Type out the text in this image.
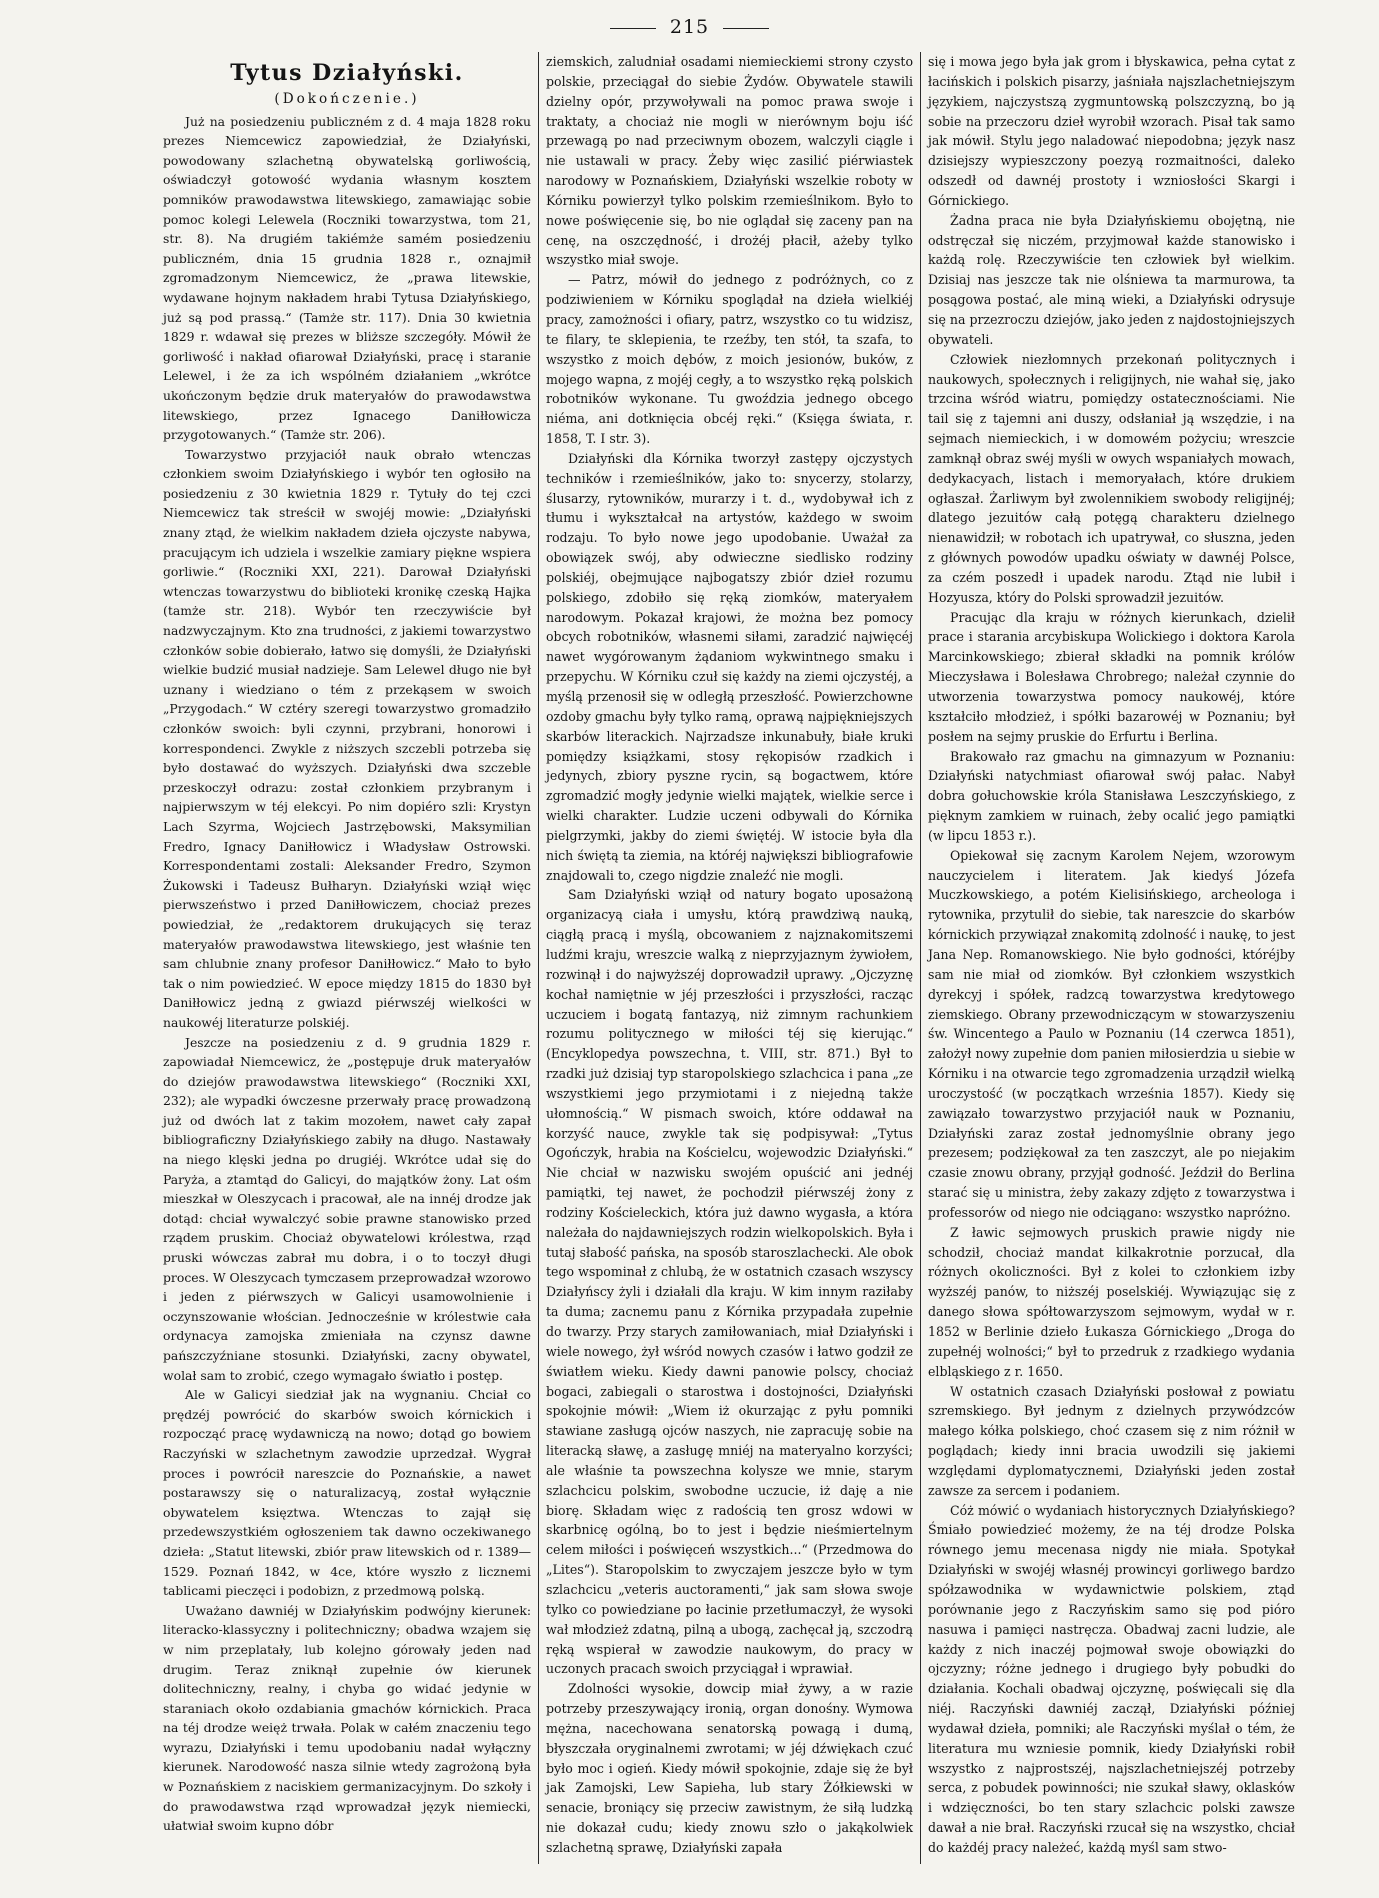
215
Tytus Działyński.
(Dokończenie.)

Już na posiedzeniu publiczném z d. 4 maja 1828 roku prezes Niemcewicz zapowiedział, że Działyński, powodowany szlachetną obywatelską gorliwością, oświadczył gotowość wydania własnym kosztem pomników prawodawstwa litewskiego, zamawiając sobie pomoc kolegi Lelewela (Roczniki towarzystwa, tom 21, str. 8). Na drugiém takiémże samém posiedzeniu publiczném, dnia 15 grudnia 1828 r., oznajmił zgromadzonym Niemcewicz, że „prawa litewskie, wydawane hojnym nakładem hrabi Tytusa Działyńskiego, już są pod prassą.“ (Tamże str. 117). Dnia 30 kwietnia 1829 r. wdawał się prezes w bliższe szczegóły. Mówił że gorliwość i nakład ofiarował Działyński, pracę i staranie Lelewel, i że za ich wspólném działaniem „wkrótce ukończonym będzie druk materyałów do prawodawstwa litewskiego, przez Ignacego Daniłłowicza przygotowanych.“ (Tamże str. 206).

Towarzystwo przyjaciół nauk obrało wtenczas członkiem swoim Działyńskiego i wybór ten ogłosiło na posiedzeniu z 30 kwietnia 1829 r. Tytuły do tej czci Niemcewicz tak streścił w swojéj mowie: „Działyński znany ztąd, że wielkim nakładem dzieła ojczyste nabywa, pracującym ich udziela i wszelkie zamiary piękne wspiera gorliwie.“ (Roczniki XXI, 221). Darował Działyński wtenczas towarzystwu do biblioteki kronikę czeską Hajka (tamże str. 218). Wybór ten rzeczywiście był nadzwyczajnym. Kto zna trudności, z jakiemi towarzystwo członków sobie dobierało, łatwo się domyśli, że Działyński wielkie budzić musiał nadzieje. Sam Lelewel długo nie był uznany i wiedziano o tém z przekąsem w swoich „Przygodach.“ W cztéry szeregi towarzystwo gromadziło członków swoich: byli czynni, przybrani, honorowi i korrespondenci. Zwykle z niższych szczebli potrzeba się było dostawać do wyższych. Działyński dwa szczeble przeskoczył odrazu: został członkiem przybranym i najpierwszym w téj elekcyi. Po nim dopiéro szli: Krystyn Lach Szyrma, Wojciech Jastrzębowski, Maksymilian Fredro, Ignacy Daniłłowicz i Władysław Ostrowski. Korrespondentami zostali: Aleksander Fredro, Szymon Żukowski i Tadeusz Bułharyn. Działyński wziął więc pierwszeństwo i przed Daniłłowiczem, chociaż prezes powiedział, że „redaktorem drukujących się teraz materyałów prawodawstwa litewskiego, jest właśnie ten sam chlubnie znany profesor Daniłłowicz.“ Mało to było tak o nim powiedzieć. W epoce między 1815 do 1830 był Daniłłowicz jedną z gwiazd piérwszéj wielkości w naukowéj literaturze polskiéj.

Jeszcze na posiedzeniu z d. 9 grudnia 1829 r. zapowiadał Niemcewicz, że „postępuje druk materyałów do dziejów prawodawstwa litewskiego“ (Roczniki XXI, 232); ale wypadki ówczesne przerwały pracę prowadzoną już od dwóch lat z takim mozołem, nawet cały zapał bibliograficzny Działyńskiego zabiły na długo. Nastawały na niego klęski jedna po drugiéj. Wkrótce udał się do Paryża, a ztamtąd do Galicyi, do majątków żony. Lat ośm mieszkał w Oleszycach i pracował, ale na innéj drodze jak dotąd: chciał wywalczyć sobie prawne stanowisko przed rządem pruskim. Chociaż obywatelowi królestwa, rząd pruski wówczas zabrał mu dobra, i o to toczył długi proces. W Oleszycach tymczasem przeprowadzał wzorowo i jeden z piérwszych w Galicyi usamowolnienie i oczynszowanie włościan. Jednocześnie w królestwie cała ordynacya zamojska zmieniała na czynsz dawne pańszczyźniane stosunki. Działyński, zacny obywatel, wolał sam to zrobić, czego wymagało światło i postęp.

Ale w Galicyi siedział jak na wygnaniu. Chciał co prędzéj powrócić do skarbów swoich kórnickich i rozpocząć pracę wydawniczą na nowo; dotąd go bowiem Raczyński w szlachetnym zawodzie uprzedzał. Wygrał proces i powrócił nareszcie do Poznańskie, a nawet postarawszy się o naturalizacyą, został wyłącznie obywatelem księztwa. Wtenczas to zajął się przedewszystkiém ogłoszeniem tak dawno oczekiwanego dzieła: „Statut litewski, zbiór praw litewskich od r. 1389—1529. Poznań 1842, w 4ce, które wyszło z licznemi tablicami pieczęci i podobizn, z przedmową polską.

Uważano dawniéj w Działyńskim podwójny kierunek: literacko-klassyczny i politechniczny; obadwa wzajem się w nim przeplatały, lub kolejno górowały jeden nad drugim. Teraz zniknął zupełnie ów kierunek dolitechniczny, realny, i chyba go widać jedynie w staraniach około ozdabiania gmachów kórnickich. Praca na téj drodze weięż trwała. Polak w całém znaczeniu tego wyrazu, Działyński i temu upodobaniu nadał wyłączny kierunek. Narodowość nasza silnie wtedy zagrożoną była w Poznańskiem z naciskiem germanizacyjnym. Do szkoły i do prawodawstwa rząd wprowadzał język niemiecki, ułatwiał swoim kupno dóbr

ziemskich, zaludniał osadami niemieckiemi strony czysto polskie, przeciągał do siebie Żydów. Obywatele stawili dzielny opór, przywoływali na pomoc prawa swoje i traktaty, a chociaż nie mogli w nierównym boju iść przewagą po nad przeciwnym obozem, walczyli ciągle i nie ustawali w pracy. Żeby więc zasilić piérwiastek narodowy w Poznańskiem, Działyński wszelkie roboty w Kórniku powierzył tylko polskim rzemieślnikom. Było to nowe poświęcenie się, bo nie oglądał się zaceny pan na cenę, na oszczędność, i drożéj płacił, ażeby tylko wszystko miał swoje.

— Patrz, mówił do jednego z podróżnych, co z podziwieniem w Kórniku spoglądał na dzieła wielkiéj pracy, zamożności i ofiary, patrz, wszystko co tu widzisz, te filary, te sklepienia, te rzeźby, ten stół, ta szafa, to wszystko z moich dębów, z moich jesionów, buków, z mojego wapna, z mojéj cegły, a to wszystko ręką polskich robotników wykonane. Tu gwoździa jednego obcego niéma, ani dotknięcia obcéj ręki.“ (Księga świata, r. 1858, T. I str. 3).

Działyński dla Kórnika tworzył zastępy ojczystych techników i rzemieślników, jako to: snycerzy, stolarzy, ślusarzy, rytowników, murarzy i t. d., wydobywał ich z tłumu i wykształcał na artystów, każdego w swoim rodzaju. To było nowe jego upodobanie. Uważał za obowiązek swój, aby odwieczne siedlisko rodziny polskiéj, obejmujące najbogatszy zbiór dzieł rozumu polskiego, zdobiło się ręką ziomków, materyałem narodowym. Pokazał krajowi, że można bez pomocy obcych robotników, własnemi siłami, zaradzić najwięcéj nawet wygórowanym żądaniom wykwintnego smaku i przepychu. W Kórniku czuł się każdy na ziemi ojczystéj, a myślą przenosił się w odległą przeszłość. Powierzchowne ozdoby gmachu były tylko ramą, oprawą najpiękniejszych skarbów literackich. Najrzadsze inkunabuły, białe kruki pomiędzy książkami, stosy rękopisów rzadkich i jedynych, zbiory pyszne rycin, są bogactwem, które zgromadzić mogły jedynie wielki majątek, wielkie serce i wielki charakter. Ludzie uczeni odbywali do Kórnika pielgrzymki, jakby do ziemi świętéj. W istocie była dla nich świętą ta ziemia, na któréj największi bibliografowie znajdowali to, czego nigdzie znaleźć nie mogli.

Sam Działyński wziął od natury bogato uposażoną organizacyą ciała i umysłu, którą prawdziwą nauką, ciągłą pracą i myślą, obcowaniem z najznakomitszemi ludźmi kraju, wreszcie walką z nieprzyjaznym żywiołem, rozwinął i do najwyższéj doprowadził uprawy. „Ojczyznę kochał namiętnie w jéj przeszłości i przyszłości, racząc uczuciem i bogatą fantazyą, niż zimnym rachunkiem rozumu politycznego w miłości téj się kierując.“ (Encyklopedya powszechna, t. VIII, str. 871.) Był to rzadki już dzisiaj typ staropolskiego szlachcica i pana „ze wszystkiemi jego przymiotami i z niejedną także ułomnością.“ W pismach swoich, które oddawał na korzyść nauce, zwykle tak się podpisywał: „Tytus Ogończyk, hrabia na Kościelcu, wojewodzic Działyński.“ Nie chciał w nazwisku swojém opuścić ani jednéj pamiątki, tej nawet, że pochodził piérwszéj żony z rodziny Kościeleckich, która już dawno wygasła, a która należała do najdawniejszych rodzin wielkopolskich. Była i tutaj słabość pańska, na sposób staroszlachecki. Ale obok tego wspominał z chlubą, że w ostatnich czasach wszyscy Działyńscy żyli i działali dla kraju. W kim innym raziłaby ta duma; zacnemu panu z Kórnika przypadała zupełnie do twarzy. Przy starych zamiłowaniach, miał Działyński i wiele nowego, żył wśród nowych czasów i łatwo godził ze światłem wieku. Kiedy dawni panowie polscy, chociaż bogaci, zabiegali o starostwa i dostojności, Działyński spokojnie mówił: „Wiem iż okurzając z pyłu pomniki stawiane zasługą ojców naszych, nie zapracuję sobie na literacką sławę, a zasługę mniéj na materyalno korzyści; ale właśnie ta powszechna kolysze we mnie, starym szlachcicu polskim, swobodne uczucie, iż daję a nie biorę. Składam więc z radością ten grosz wdowi w skarbnicę ogólną, bo to jest i będzie nieśmiertelnym celem miłości i poświęceń wszystkich...“ (Przedmowa do „Lites“). Staropolskim to zwyczajem jeszcze było w tym szlachcicu „veteris auctoramenti,“ jak sam słowa swoje tylko co powiedziane po łacinie przetłumaczył, że wysoki wał młodzież zdatną, pilną a ubogą, zachęcał ją, szczodrą ręką wspierał w zawodzie naukowym, do pracy w uczonych pracach swoich przyciągał i wprawiał.

Zdolności wysokie, dowcip miał żywy, a w razie potrzeby przeszywający ironią, organ donośny. Wymowa mężna, nacechowana senatorską powagą i dumą, błyszczała oryginalnemi zwrotami; w jéj dźwiękach czuć było moc i ogień. Kiedy mówił spokojnie, zdaje się że był jak Zamojski, Lew Sapieha, lub stary Żółkiewski w senacie, broniący się przeciw zawistnym, że siłą ludzką nie dokazał cudu; kiedy znowu szło o jakąkolwiek szlachetną sprawę, Działyński zapała

się i mowa jego była jak grom i błyskawica, pełna cytat z łacińskich i polskich pisarzy, jaśniała najszlachetniejszym językiem, najczystszą zygmuntowską polszczyzną, bo ją sobie na przeczoru dzieł wyrobił wzorach. Pisał tak samo jak mówił. Stylu jego naladować niepodobna; język nasz dzisiejszy wypieszczony poezyą rozmaitności, daleko odszedł od dawnéj prostoty i wzniosłości Skargi i Górnickiego.

Żadna praca nie była Działyńskiemu obojętną, nie odstręczał się niczém, przyjmował każde stanowisko i każdą rolę. Rzeczywiście ten człowiek był wielkim. Dzisiaj nas jeszcze tak nie olśniewa ta marmurowa, ta posągowa postać, ale miną wieki, a Działyński odrysuje się na przezroczu dziejów, jako jeden z najdostojniejszych obywateli.

Człowiek niezłomnych przekonań politycznych i naukowych, społecznych i religijnych, nie wahał się, jako trzcina wśród wiatru, pomiędzy ostatecznościami. Nie tail się z tajemni ani duszy, odsłaniał ją wszędzie, i na sejmach niemieckich, i w domowém pożyciu; wreszcie zamknął obraz swéj myśli w owych wspaniałych mowach, dedykacyach, listach i memoryałach, które drukiem ogłaszał. Żarliwym był zwolennikiem swobody religijnéj; dlatego jezuitów całą potęgą charakteru dzielnego nienawidził; w robotach ich upatrywał, co słuszna, jeden z głównych powodów upadku oświaty w dawnéj Polsce, za czém poszedł i upadek narodu. Ztąd nie lubił i Hozyusza, który do Polski sprowadził jezuitów.

Pracując dla kraju w różnych kierunkach, dzielił prace i starania arcybiskupa Wolickiego i doktora Karola Marcinkowskiego; zbierał składki na pomnik królów Mieczysława i Bolesława Chrobrego; należał czynnie do utworzenia towarzystwa pomocy naukowéj, które kształciło młodzież, i spółki bazarowéj w Poznaniu; był posłem na sejmy pruskie do Erfurtu i Berlina.

Brakowało raz gmachu na gimnazyum w Poznaniu: Działyński natychmiast ofiarował swój pałac. Nabył dobra gołuchowskie króla Stanisława Leszczyńskiego, z pięknym zamkiem w ruinach, żeby ocalić jego pamiątki (w lipcu 1853 r.).

Opiekował się zacnym Karolem Nejem, wzorowym nauczycielem i literatem. Jak kiedyś Józefa Muczkowskiego, a potém Kielisińskiego, archeologa i rytownika, przytulił do siebie, tak nareszcie do skarbów kórnickich przywiązał znakomitą zdolność i naukę, to jest Jana Nep. Romanowskiego. Nie było godności, któréjby sam nie miał od ziomków. Był członkiem wszystkich dyrekcyj i spółek, radzcą towarzystwa kredytowego ziemskiego. Obrany przewodniczącym w stowarzyszeniu św. Wincentego a Paulo w Poznaniu (14 czerwca 1851), założył nowy zupełnie dom panien miłosierdzia u siebie w Kórniku i na otwarcie tego zgromadzenia urządził wielką uroczystość (w początkach września 1857). Kiedy się zawiązało towarzystwo przyjaciół nauk w Poznaniu, Działyński zaraz został jednomyślnie obrany jego prezesem; podziękował za ten zaszczyt, ale po niejakim czasie znowu obrany, przyjął godność. Jeździł do Berlina starać się u ministra, żeby zakazy zdjęto z towarzystwa i professorów od niego nie odciągano: wszystko napróżno.

Z ławic sejmowych pruskich prawie nigdy nie schodził, chociaż mandat kilkakrotnie porzucał, dla różnych okoliczności. Był z kolei to członkiem izby wyższéj panów, to niższéj poselskiéj. Wywiązując się z danego słowa spółtowarzyszom sejmowym, wydał w r. 1852 w Berlinie dzieło Łukasza Górnickiego „Droga do zupełnéj wolności;“ był to przedruk z rzadkiego wydania elbląskiego z r. 1650.

W ostatnich czasach Działyński posłował z powiatu szremskiego. Był jednym z dzielnych przywódzców małego kółka polskiego, choć czasem się z nim różnił w poglądach; kiedy inni bracia uwodzili się jakiemi względami dyplomatycznemi, Działyński jeden został zawsze za sercem i podaniem.

Cóż mówić o wydaniach historycznych Działyńskiego? Śmiało powiedzieć możemy, że na téj drodze Polska równego jemu mecenasa nigdy nie miała. Spotykał Działyński w swojéj własnéj prowincyi gorliwego bardzo spółzawodnika w wydawnictwie polskiem, ztąd porównanie jego z Raczyńskim samo się pod pióro nasuwa i pamięci nastręcza. Obadwaj zacni ludzie, ale każdy z nich inaczéj pojmował swoje obowiązki do ojczyzny; różne jednego i drugiego były pobudki do działania. Kochali obadwaj ojczyznę, poświęcali się dla niéj. Raczyński dawniéj zaczął, Działyński później wydawał dzieła, pomniki; ale Raczyński myślał o tém, że literatura mu wzniesie pomnik, kiedy Działyński robił wszystko z najprostszéj, najszlachetniejszéj potrzeby serca, z pobudek powinności; nie szukał sławy, oklasków i wdzięczności, bo ten stary szlachcic polski zawsze dawał a nie brał. Raczyński rzucał się na wszystko, chciał do każdéj pracy należeć, każdą myśl sam stwo-
